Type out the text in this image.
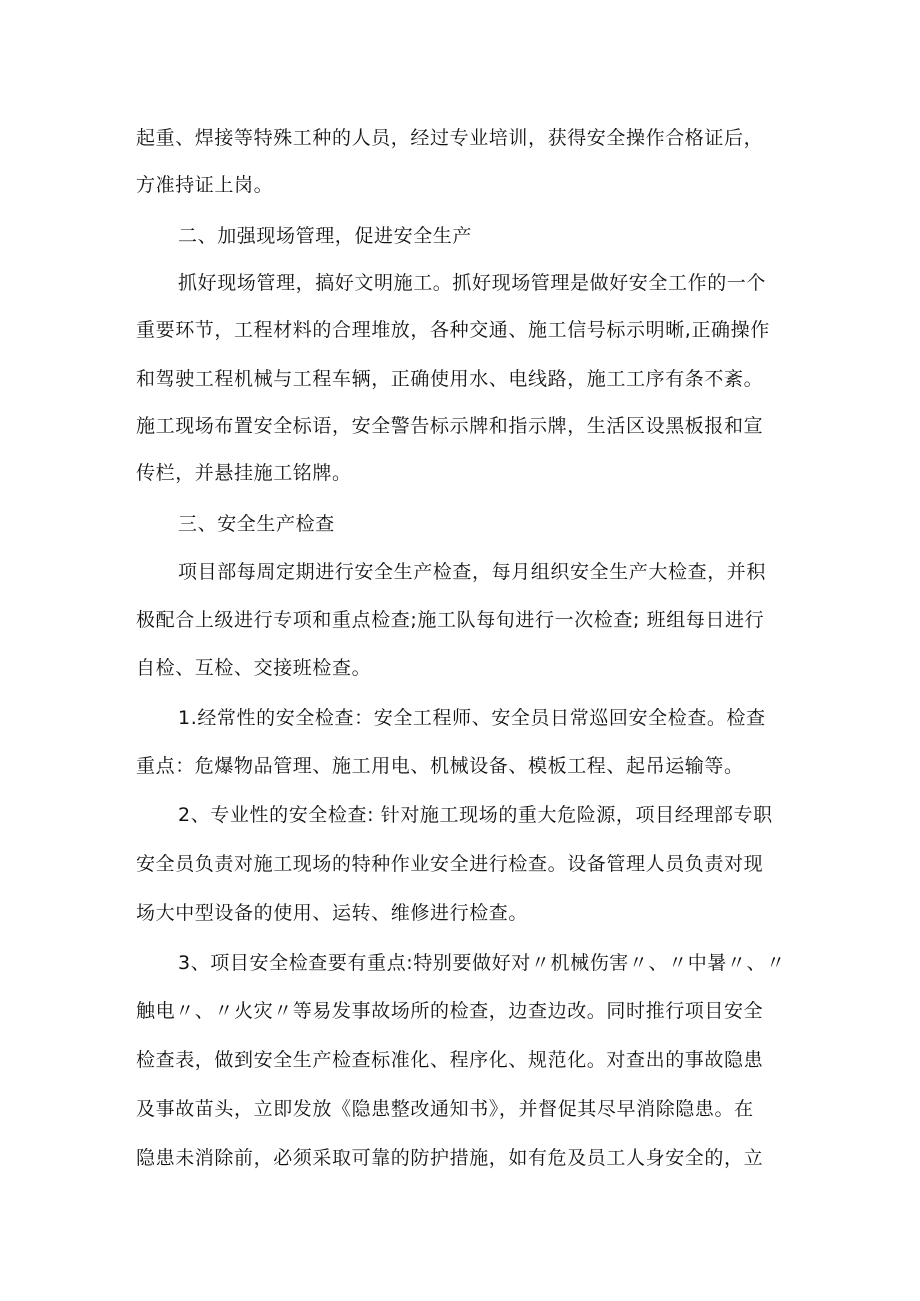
起重、焊接等特殊工种的人员，经过专业培训，获得安全操作合格证后，
方准持证上岗。
二、加强现场管理，促进安全生产
抓好现场管理，搞好文明施工。抓好现场管理是做好安全工作的一个
重要环节，工程材料的合理堆放，各种交通、施工信号标示明晰,正确操作
和驾驶工程机械与工程车辆，正确使用水、电线路，施工工序有条不紊。
施工现场布置安全标语，安全警告标示牌和指示牌，生活区设黑板报和宣
传栏，并悬挂施工铭牌。
三、安全生产检查
项目部每周定期进行安全生产检查，每月组织安全生产大检查，并积
极配合上级进行专项和重点检查;施工队每旬进行一次检查; 班组每日进行
自检、互检、交接班检查。
1.经常性的安全检查：安全工程师、安全员日常巡回安全检查。检查
重点：危爆物品管理、施工用电、机械设备、模板工程、起吊运输等。
2、专业性的安全检查: 针对施工现场的重大危险源，项目经理部专职
安全员负责对施工现场的特种作业安全进行检查。设备管理人员负责对现
场大中型设备的使用、运转、维修进行检查。
3、项目安全检查要有重点:特别要做好对〃机械伤害〃、〃中暑〃、〃
触电〃、〃火灾〃等易发事故场所的检查，边查边改。同时推行项目安全
检查表，做到安全生产检查标准化、程序化、规范化。对查出的事故隐患
及事故苗头，立即发放《隐患整改通知书》，并督促其尽早消除隐患。在
隐患未消除前，必须采取可靠的防护措施，如有危及员工人身安全的，立
